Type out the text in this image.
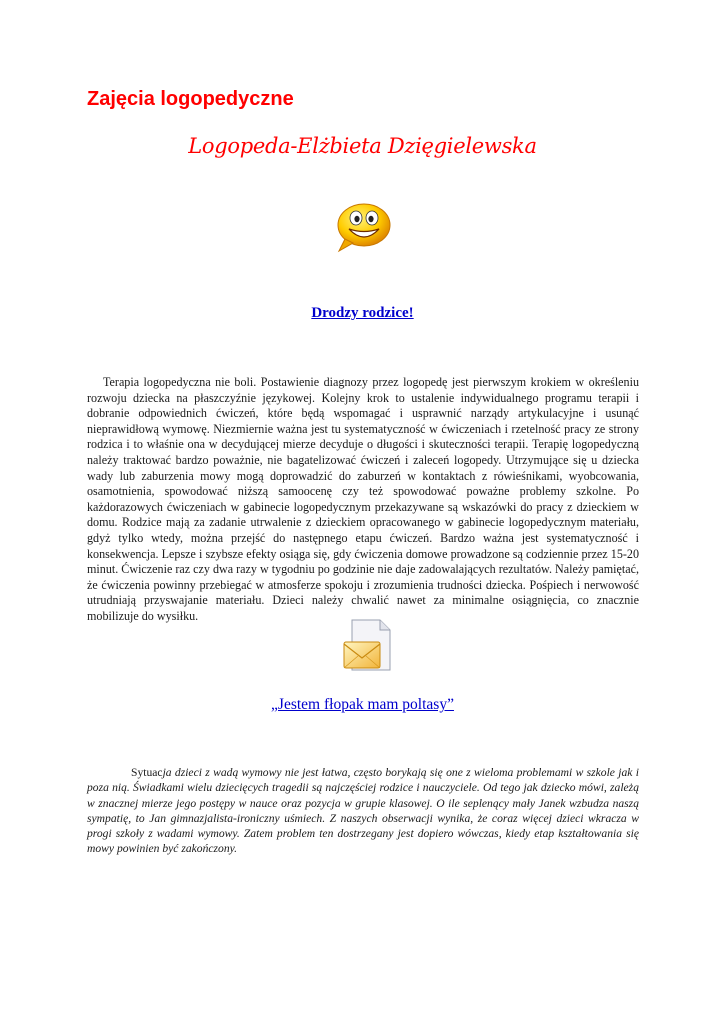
Zajęcia logopedyczne
Logopeda-Elżbieta Dzięgielewska
Drodzy rodzice!

Terapia logopedyczna nie boli. Postawienie diagnozy przez logopedę jest pierwszym krokiem w określeniu rozwoju dziecka na płaszczyźnie językowej. Kolejny krok to ustalenie indywidualnego programu terapii i dobranie odpowiednich ćwiczeń, które będą wspomagać i usprawnić narządy artykulacyjne i usunąć nieprawidłową wymowę. Niezmiernie ważna jest tu systematyczność w ćwiczeniach i rzetelność pracy ze strony rodzica i to właśnie ona w decydującej mierze decyduje o długości i skuteczności terapii. Terapię logopedyczną należy traktować bardzo poważnie, nie bagatelizować ćwiczeń i zaleceń logopedy. Utrzymujące się u dziecka wady lub zaburzenia mowy mogą doprowadzić do zaburzeń w kontaktach z rówieśnikami, wyobcowania, osamotnienia, spowodować niższą samoocenę czy też spowodować poważne problemy szkolne. Po każdorazowych ćwiczeniach w gabinecie logopedycznym przekazywane są wskazówki do pracy z dzieckiem w domu. Rodzice mają za zadanie utrwalenie z dzieckiem opracowanego w gabinecie logopedycznym materiału, gdyż tylko wtedy, można przejść do następnego etapu ćwiczeń. Bardzo ważna jest systematyczność i konsekwencja. Lepsze i szybsze efekty osiąga się, gdy ćwiczenia domowe prowadzone są codziennie przez 15-20 minut. Ćwiczenie raz czy dwa razy w tygodniu po godzinie nie daje zadowalających rezultatów. Należy pamiętać, że ćwiczenia powinny przebiegać w atmosferze spokoju i zrozumienia trudności dziecka. Pośpiech i nerwowość utrudniają przyswajanie materiału. Dzieci należy chwalić nawet za minimalne osiągnięcia, co znacznie mobilizuje do wysiłku.

„Jestem fłopak mam poltasy”

Sytuacja dzieci z wadą wymowy nie jest łatwa, często borykają się one z wieloma problemami w szkole jak i poza nią. Świadkami wielu dziecięcych tragedii są najczęściej rodzice i nauczyciele. Od tego jak dziecko mówi, zależą w znacznej mierze jego postępy w nauce oraz pozycja w grupie klasowej. O ile seplenący mały Janek wzbudza naszą sympatię, to Jan gimnazjalista-ironiczny uśmiech. Z naszych obserwacji wynika, że coraz więcej dzieci wkracza w progi szkoły z wadami wymowy. Zatem problem ten dostrzegany jest dopiero wówczas, kiedy etap kształtowania się mowy powinien być zakończony.
